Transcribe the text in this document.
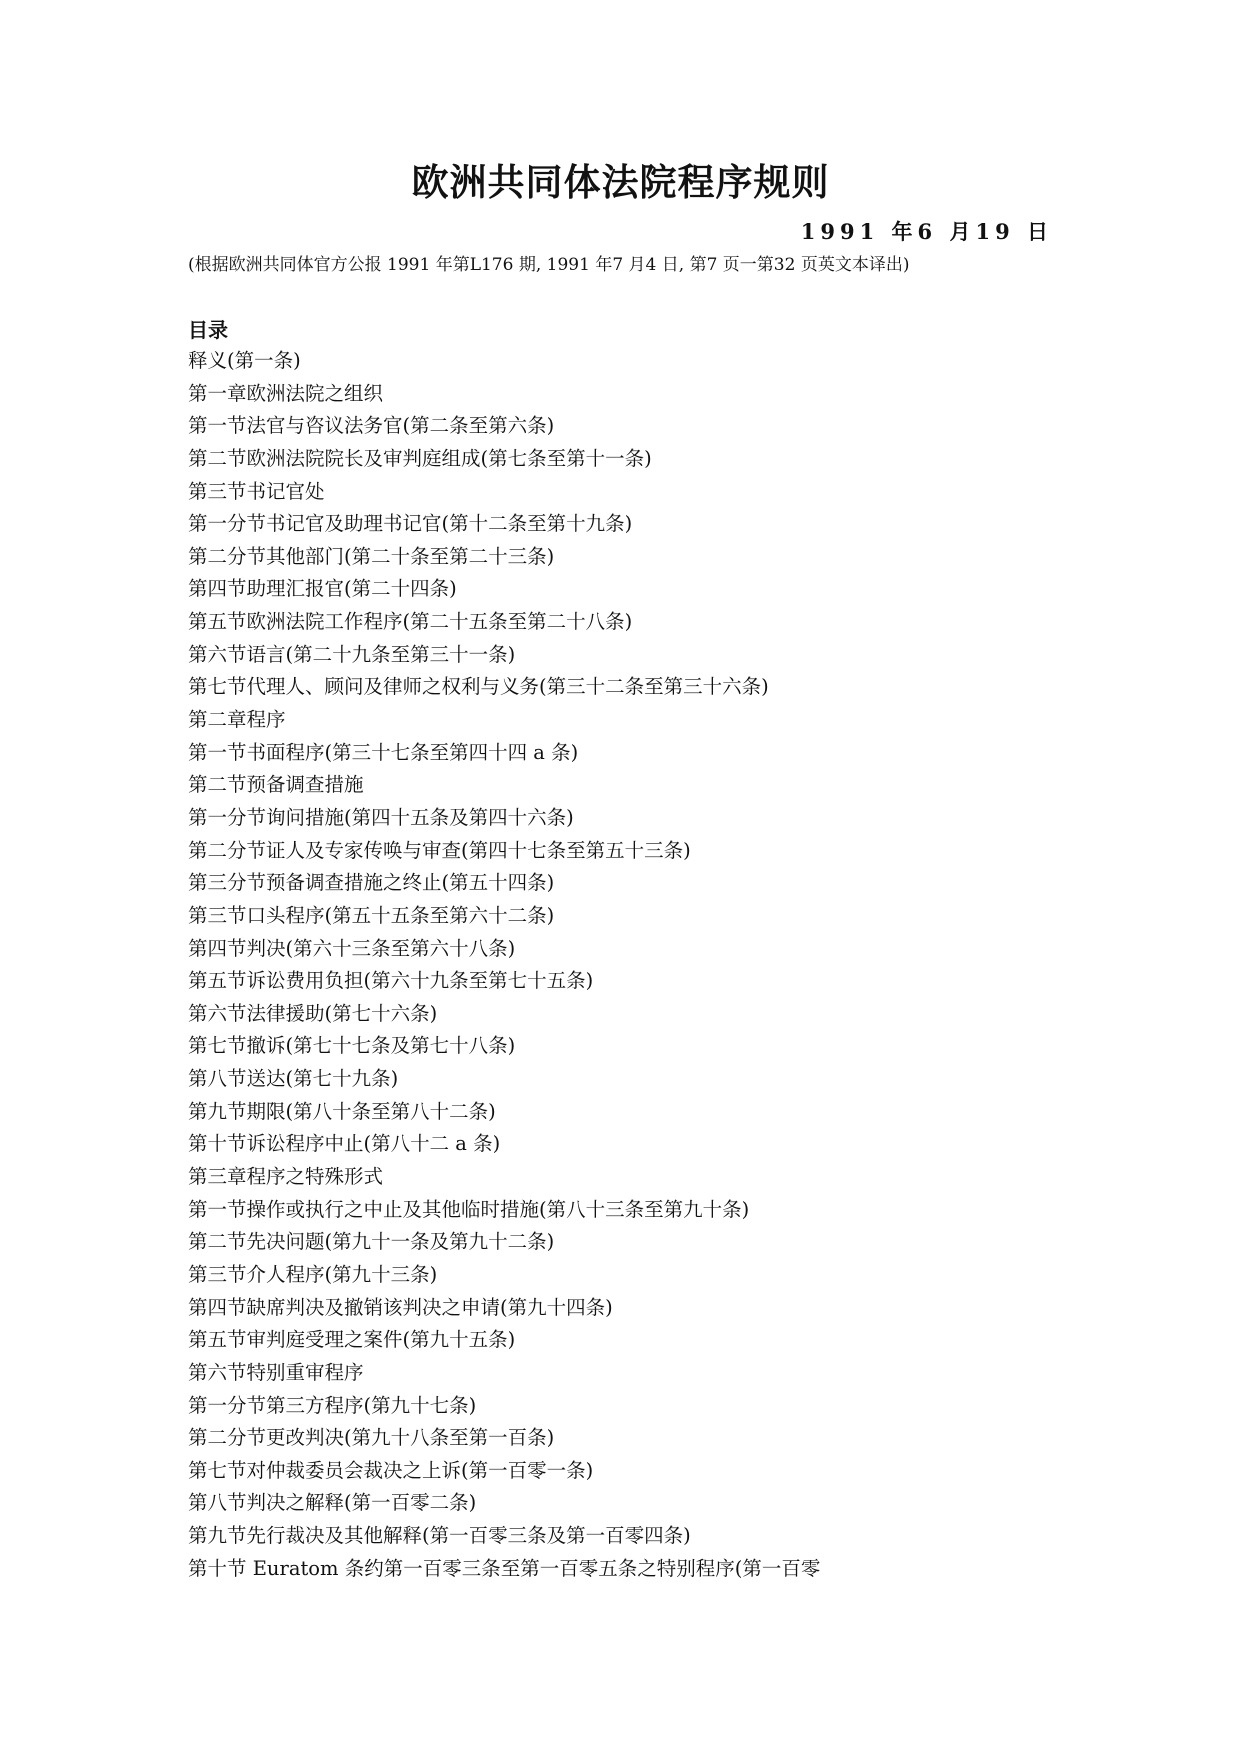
欧洲共同体法院程序规则
1991 年6 月19 日
(根据欧洲共同体官方公报 1991 年第L176 期, 1991 年7 月4 日, 第7 页一第32 页英文本译出)
目录
释义(第一条)
第一章欧洲法院之组织
第一节法官与咨议法务官(第二条至第六条)
第二节欧洲法院院长及审判庭组成(第七条至第十一条)
第三节书记官处
第一分节书记官及助理书记官(第十二条至第十九条)
第二分节其他部门(第二十条至第二十三条)
第四节助理汇报官(第二十四条)
第五节欧洲法院工作程序(第二十五条至第二十八条)
第六节语言(第二十九条至第三十一条)
第七节代理人、顾问及律师之权利与义务(第三十二条至第三十六条)
第二章程序
第一节书面程序(第三十七条至第四十四 a 条)
第二节预备调查措施
第一分节询问措施(第四十五条及第四十六条)
第二分节证人及专家传唤与审查(第四十七条至第五十三条)
第三分节预备调查措施之终止(第五十四条)
第三节口头程序(第五十五条至第六十二条)
第四节判决(第六十三条至第六十八条)
第五节诉讼费用负担(第六十九条至第七十五条)
第六节法律援助(第七十六条)
第七节撤诉(第七十七条及第七十八条)
第八节送达(第七十九条)
第九节期限(第八十条至第八十二条)
第十节诉讼程序中止(第八十二 a 条)
第三章程序之特殊形式
第一节操作或执行之中止及其他临时措施(第八十三条至第九十条)
第二节先决问题(第九十一条及第九十二条)
第三节介人程序(第九十三条)
第四节缺席判决及撤销该判决之申请(第九十四条)
第五节审判庭受理之案件(第九十五条)
第六节特别重审程序
第一分节第三方程序(第九十七条)
第二分节更改判决(第九十八条至第一百条)
第七节对仲裁委员会裁决之上诉(第一百零一条)
第八节判决之解释(第一百零二条)
第九节先行裁决及其他解释(第一百零三条及第一百零四条)
第十节 Euratom 条约第一百零三条至第一百零五条之特别程序(第一百零
